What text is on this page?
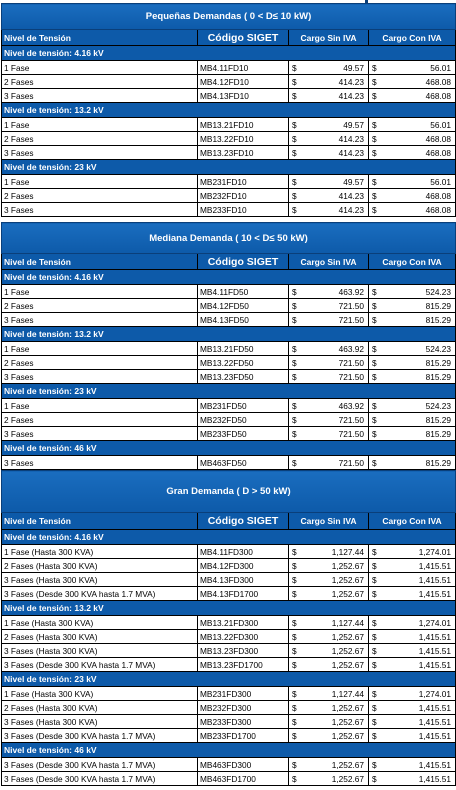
Pequeñas Demandas ( 0 < D≤ 10 kW)			
Nivel de Tensión	Código SIGET	Cargo Sin IVA	Cargo Con IVA
Nivel de tensión: 4.16 kV			
1 Fase	MB4.11FD10	$ 49.57	$ 56.01

2 Fases	MB4.12FD10	$ 414.23	$ 468.08

3 Fases	MB4.13FD10	$ 414.23	$ 468.08

Nivel de tensión: 13.2 kV			
1 Fase	MB13.21FD10	$ 49.57	$ 56.01

2 Fases	MB13.22FD10	$ 414.23	$ 468.08

3 Fases	MB13.23FD10	$ 414.23	$ 468.08

Nivel de tensión: 23 kV			
1 Fase	MB231FD10	$ 49.57	$ 56.01

2 Fases	MB232FD10	$ 414.23	$ 468.08

3 Fases	MB233FD10	$ 414.23	$ 468.08
Mediana Demanda ( 10 < D≤ 50 kW)			
Nivel de Tensión	Código SIGET	Cargo Sin IVA	Cargo Con IVA
Nivel de tensión: 4.16 kV			
1 Fase	MB4.11FD50	$ 463.92	$ 524.23

2 Fases	MB4.12FD50	$ 721.50	$ 815.29

3 Fases	MB4.13FD50	$ 721.50	$ 815.29

Nivel de tensión: 13.2 kV			
1 Fase	MB13.21FD50	$ 463.92	$ 524.23

2 Fases	MB13.22FD50	$ 721.50	$ 815.29

3 Fases	MB13.23FD50	$ 721.50	$ 815.29

Nivel de tensión: 23 kV			
1 Fase	MB231FD50	$ 463.92	$ 524.23

2 Fases	MB232FD50	$ 721.50	$ 815.29

3 Fases	MB233FD50	$ 721.50	$ 815.29

Nivel de tensión: 46 kV			
3 Fases	MB463FD50	$ 721.50	$ 815.29
Gran Demanda ( D > 50 kW)			
Nivel de Tensión	Código SIGET	Cargo Sin IVA	Cargo Con IVA
Nivel de tensión: 4.16 kV			
1 Fase (Hasta 300 KVA)	MB4.11FD300	$ 1,127.44	$ 1,274.01

2 Fases (Hasta 300 KVA)	MB4.12FD300	$ 1,252.67	$ 1,415.51

3 Fases (Hasta 300 KVA)	MB4.13FD300	$ 1,252.67	$ 1,415.51

3 Fases (Desde 300 KVA hasta 1.7 MVA)	MB4.13FD1700	$ 1,252.67	$ 1,415.51

Nivel de tensión: 13.2 kV			
1 Fase (Hasta 300 KVA)	MB13.21FD300	$ 1,127.44	$ 1,274.01

2 Fases (Hasta 300 KVA)	MB13.22FD300	$ 1,252.67	$ 1,415.51

3 Fases (Hasta 300 KVA)	MB13.23FD300	$ 1,252.67	$ 1,415.51

3 Fases (Desde 300 KVA hasta 1.7 MVA)	MB13.23FD1700	$ 1,252.67	$ 1,415.51

Nivel de tensión: 23 kV			
1 Fase (Hasta 300 KVA)	MB231FD300	$ 1,127.44	$ 1,274.01

2 Fases (Hasta 300 KVA)	MB232FD300	$ 1,252.67	$ 1,415.51

3 Fases (Hasta 300 KVA)	MB233FD300	$ 1,252.67	$ 1,415.51

3 Fases (Desde 300 KVA hasta 1.7 MVA)	MB233FD1700	$ 1,252.67	$ 1,415.51

Nivel de tensión: 46 kV			
3 Fases (Desde 300 KVA hasta 1.7 MVA)	MB463FD300	$ 1,252.67	$ 1,415.51

3 Fases (Desde 300 KVA hasta 1.7 MVA)	MB463FD1700	$ 1,252.67	$ 1,415.51
